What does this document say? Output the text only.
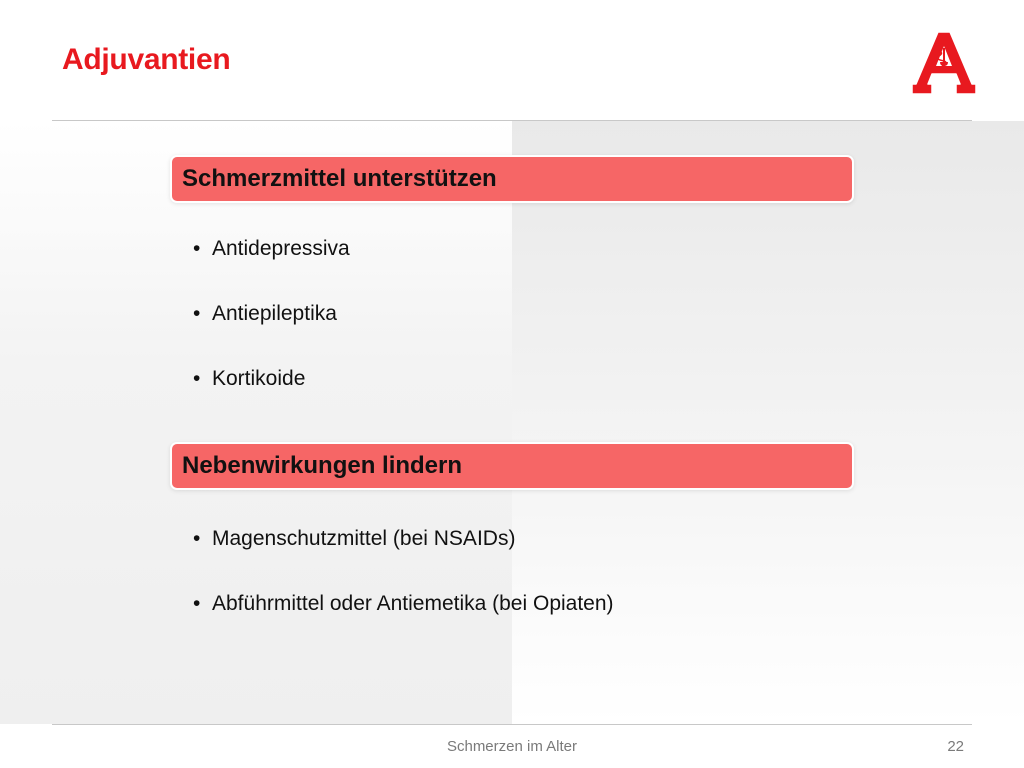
Adjuvantien
Schmerzmittel unterstützen
• Antidepressiva
• Antiepileptika
• Kortikoide
Nebenwirkungen lindern
• Magenschutzmittel (bei NSAIDs)
• Abführmittel oder Antiemetika (bei Opiaten)
Schmerzen im Alter	22
